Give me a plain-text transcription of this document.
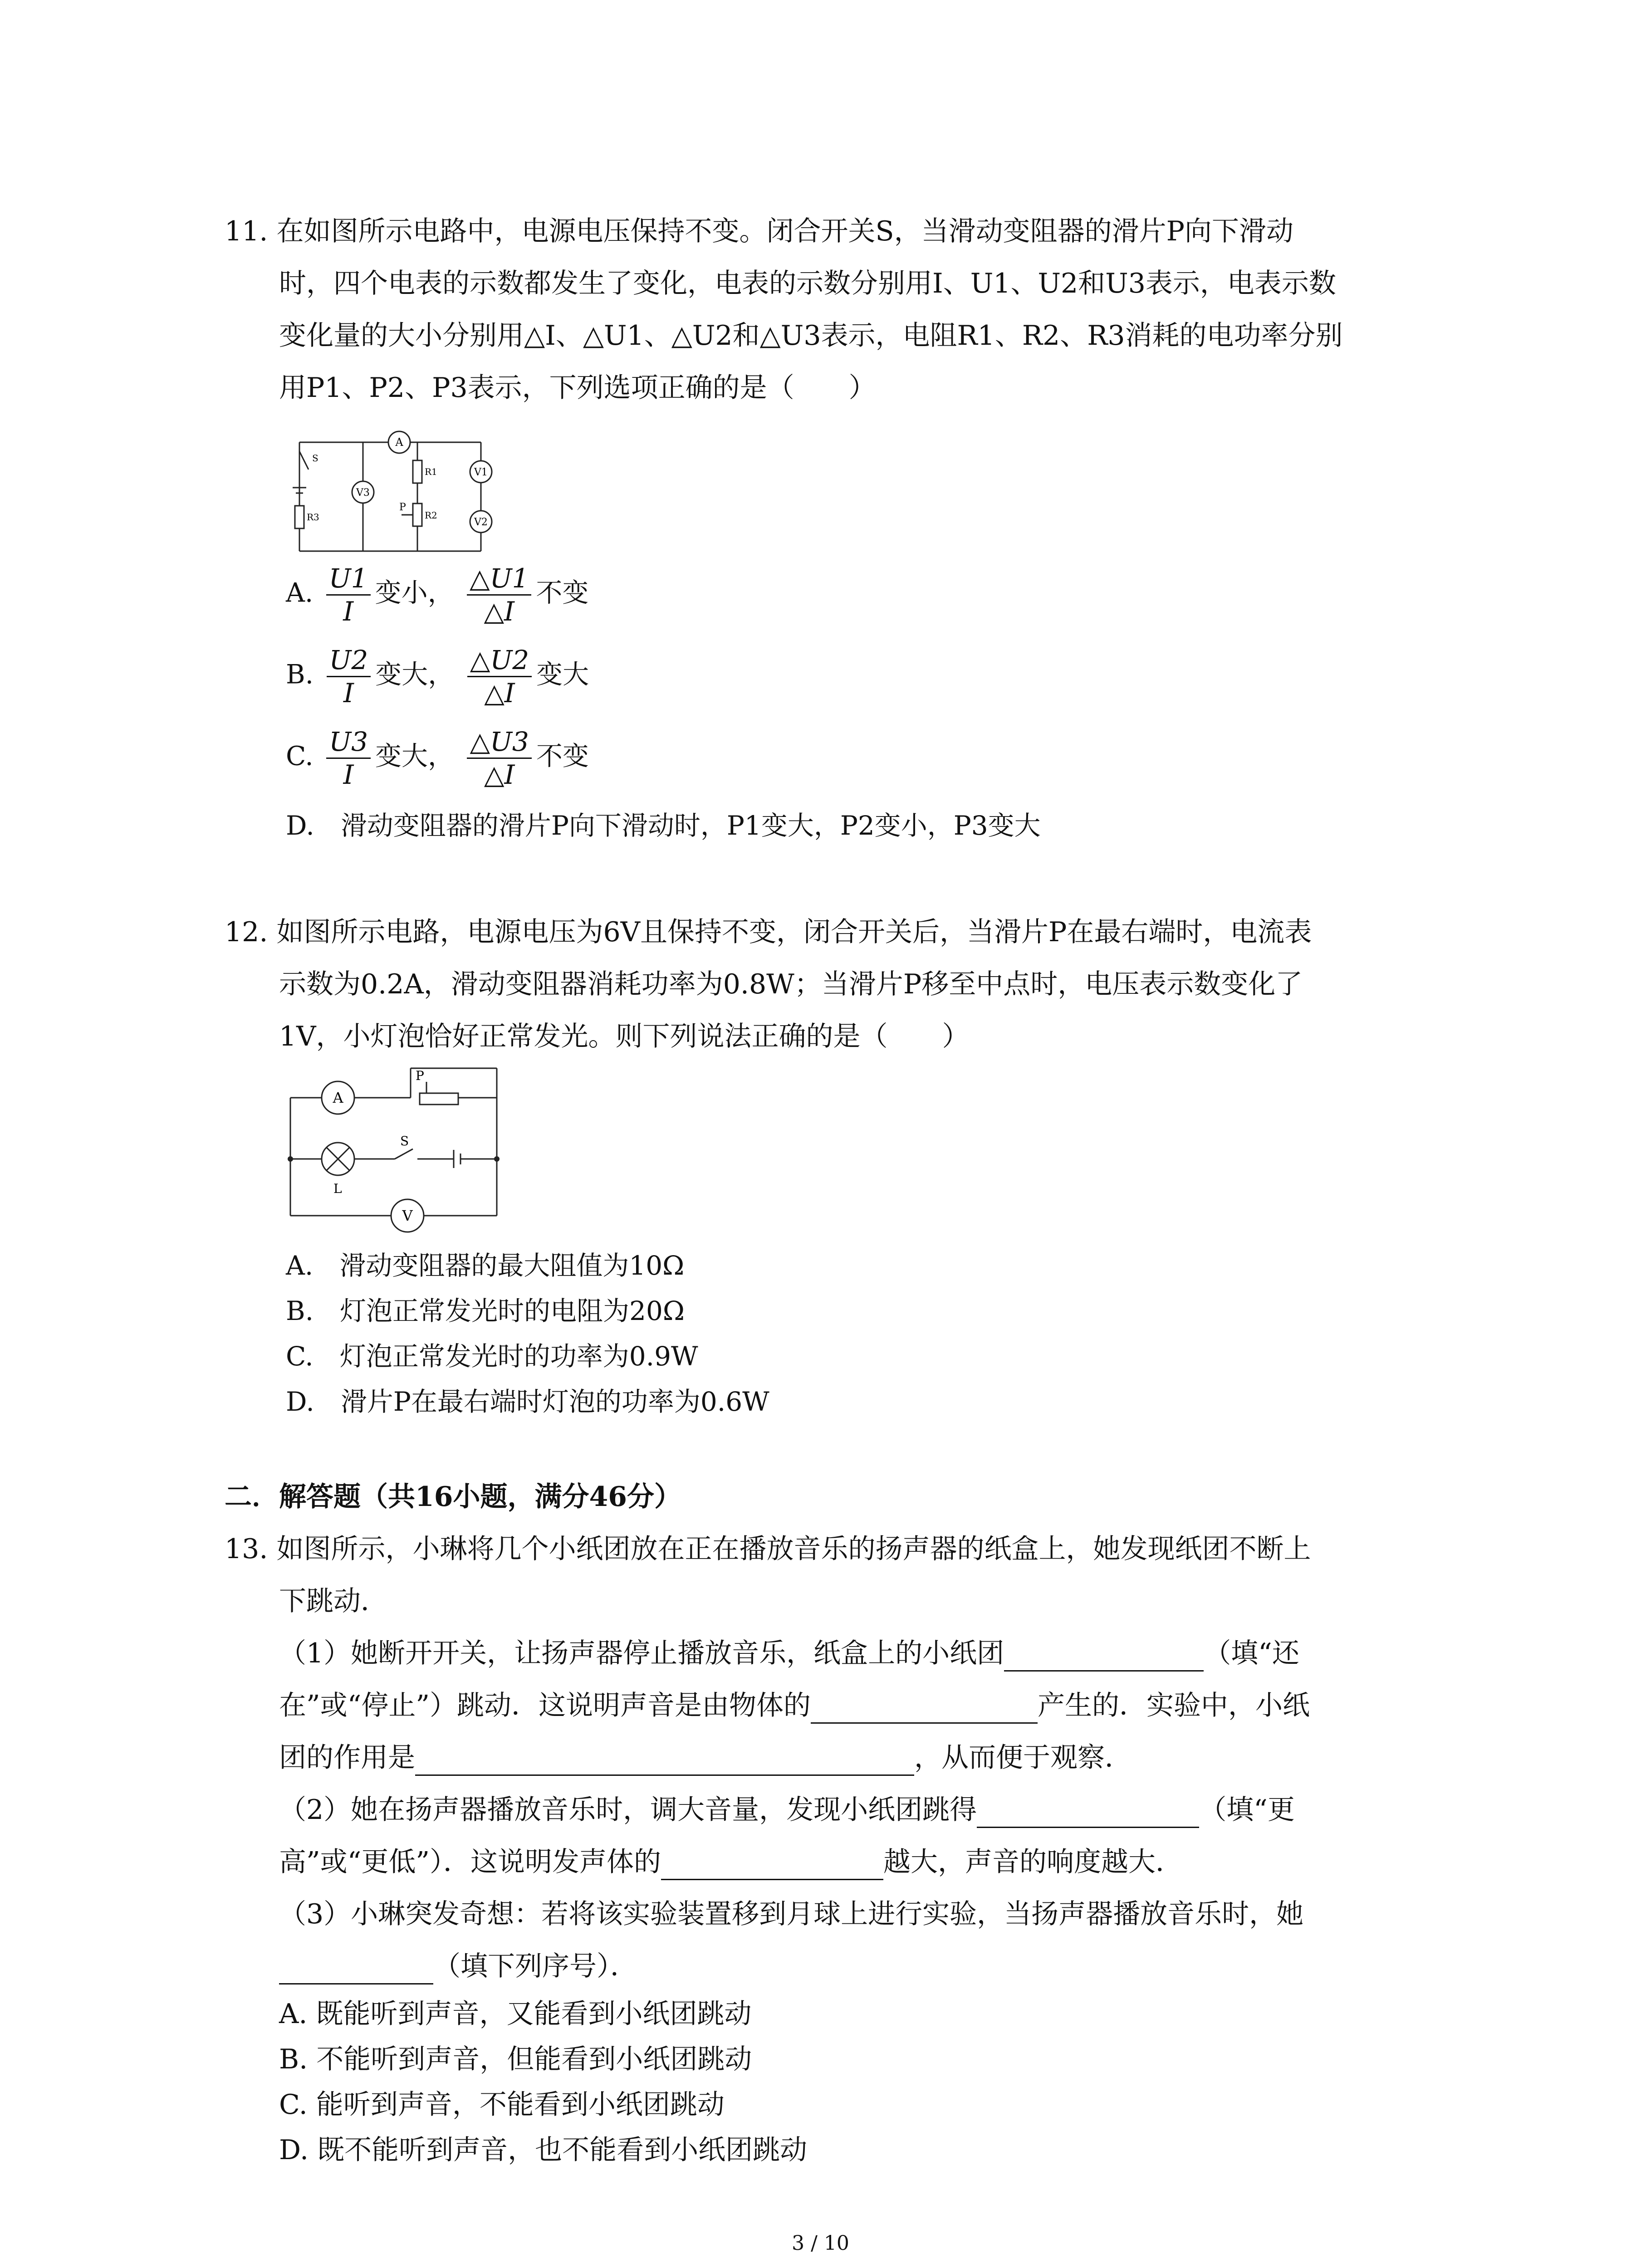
11. 在如图所示电路中，电源电压保持不变。闭合开关S，当滑动变阻器的滑片P向下滑动
时，四个电表的示数都发生了变化，电表的示数分别用I、U1、U2和U3表示，电表示数
变化量的大小分别用△I、△U1、△U2和△U3表示，电阻R1、R2、R3消耗的电功率分别
用P1、P2、P3表示，下列选项正确的是（　　）
A
V3
V1
V2
S
R1
R2
R3
P
A. $\frac{U1}{I}$ 变小， $\frac{\triangle U1}{\triangle I}$ 不变
B. $\frac{U2}{I}$ 变大， $\frac{\triangle U2}{\triangle I}$ 变大
C. $\frac{U3}{I}$ 变大， $\frac{\triangle U3}{\triangle I}$ 不变
D.　滑动变阻器的滑片P向下滑动时，P1变大，P2变小，P3变大
12. 如图所示电路，电源电压为6V且保持不变，闭合开关后，当滑片P在最右端时，电流表
示数为0.2A，滑动变阻器消耗功率为0.8W；当滑片P移至中点时，电压表示数变化了
1V，小灯泡恰好正常发光。则下列说法正确的是（　　）
A
V
S
L
P
A.　滑动变阻器的最大阻值为10Ω
B.　灯泡正常发光时的电阻为20Ω
C.　灯泡正常发光时的功率为0.9W
D.　滑片P在最右端时灯泡的功率为0.6W
二．解答题（共16小题，满分46分）
13. 如图所示，小琳将几个小纸团放在正在播放音乐的扬声器的纸盒上，她发现纸团不断上
下跳动．
（1）她断开开关，让扬声器停止播放音乐，纸盒上的小纸团	（填“还
在”或“停止”）跳动．这说明声音是由物体的	产生的．实验中，小纸
团的作用是	，从而便于观察．
（2）她在扬声器播放音乐时，调大音量，发现小纸团跳得	（填“更
高”或“更低”）．这说明发声体的	越大，声音的响度越大．
（3）小琳突发奇想：若将该实验装置移到月球上进行实验，当扬声器播放音乐时，她
（填下列序号）．
A. 既能听到声音，又能看到小纸团跳动
B. 不能听到声音，但能看到小纸团跳动
C. 能听到声音，不能看到小纸团跳动
D. 既不能听到声音，也不能看到小纸团跳动
3 / 10
